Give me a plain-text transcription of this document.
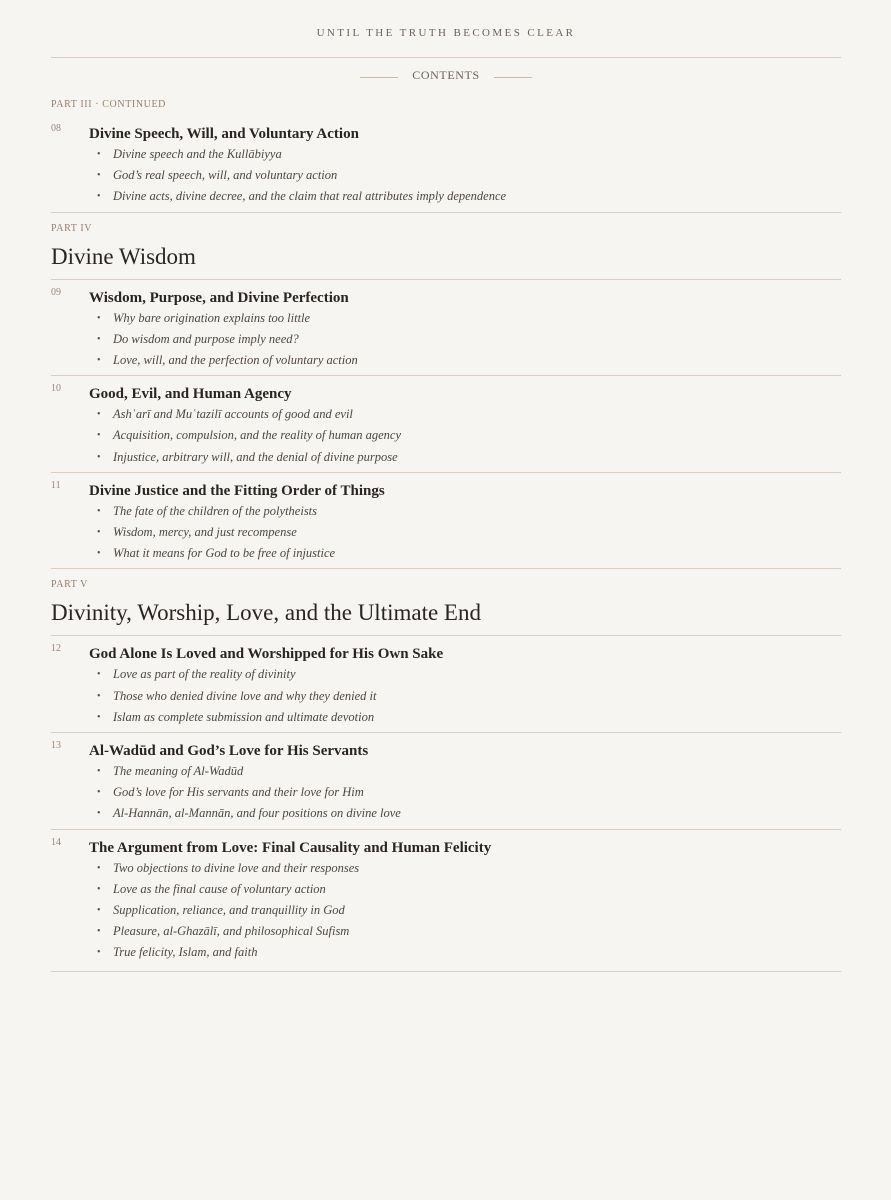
UNTIL THE TRUTH BECOMES CLEAR
CONTENTS
PART III · CONTINUED
08 Divine Speech, Will, and Voluntary Action
• Divine speech and the Kullābiyya
• God’s real speech, will, and voluntary action
• Divine acts, divine decree, and the claim that real attributes imply dependence
PART IV
Divine Wisdom
09 Wisdom, Purpose, and Divine Perfection
• Why bare origination explains too little
• Do wisdom and purpose imply need?
• Love, will, and the perfection of voluntary action
10 Good, Evil, and Human Agency
• Ashʿarī and Muʿtazilī accounts of good and evil
• Acquisition, compulsion, and the reality of human agency
• Injustice, arbitrary will, and the denial of divine purpose
11 Divine Justice and the Fitting Order of Things
• The fate of the children of the polytheists
• Wisdom, mercy, and just recompense
• What it means for God to be free of injustice
PART V
Divinity, Worship, Love, and the Ultimate End
12 God Alone Is Loved and Worshipped for His Own Sake
• Love as part of the reality of divinity
• Those who denied divine love and why they denied it
• Islam as complete submission and ultimate devotion
13 Al-Wadūd and God’s Love for His Servants
• The meaning of Al-Wadūd
• God’s love for His servants and their love for Him
• Al-Hannān, al-Mannān, and four positions on divine love
14 The Argument from Love: Final Causality and Human Felicity
• Two objections to divine love and their responses
• Love as the final cause of voluntary action
• Supplication, reliance, and tranquillity in God
• Pleasure, al-Ghazālī, and philosophical Sufism
• True felicity, Islam, and faith
